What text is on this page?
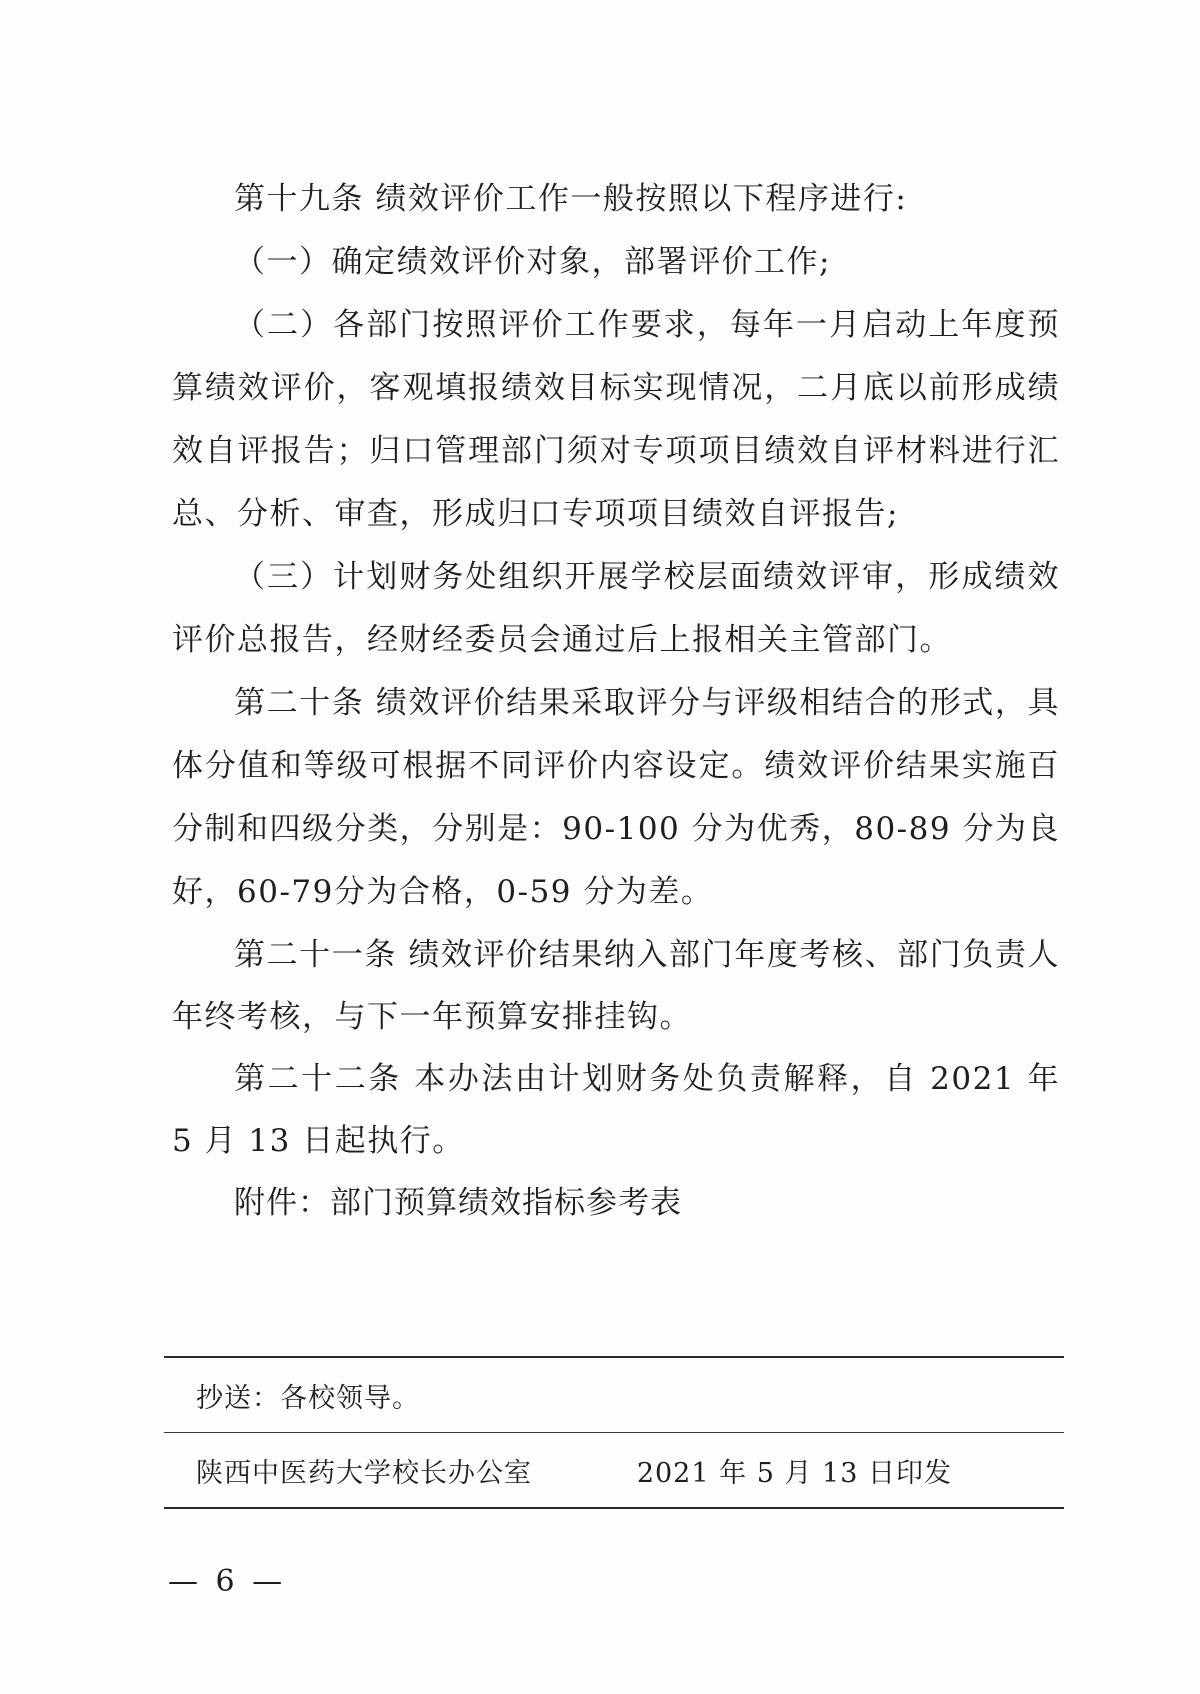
第十九条 绩效评价工作一般按照以下程序进行:

（一）确定绩效评价对象，部署评价工作;

（二）各部门按照评价工作要求，每年一月启动上年度预算绩效评价，客观填报绩效目标实现情况，二月底以前形成绩效自评报告；归口管理部门须对专项项目绩效自评材料进行汇总、分析、审查，形成归口专项项目绩效自评报告;

（三）计划财务处组织开展学校层面绩效评审，形成绩效评价总报告，经财经委员会通过后上报相关主管部门。

第二十条 绩效评价结果采取评分与评级相结合的形式，具体分值和等级可根据不同评价内容设定。绩效评价结果实施百分制和四级分类，分别是：90-100 分为优秀，80-89 分为良好，60-79分为合格，0-59 分为差。

第二十一条 绩效评价结果纳入部门年度考核、部门负责人年终考核，与下一年预算安排挂钩。

第二十二条 本办法由计划财务处负责解释，自 2021 年 5 月 13 日起执行。

附件：部门预算绩效指标参考表

抄送：各校领导。
陕西中医药大学校长办公室	2021 年 5 月 13 日印发
— 6 —
